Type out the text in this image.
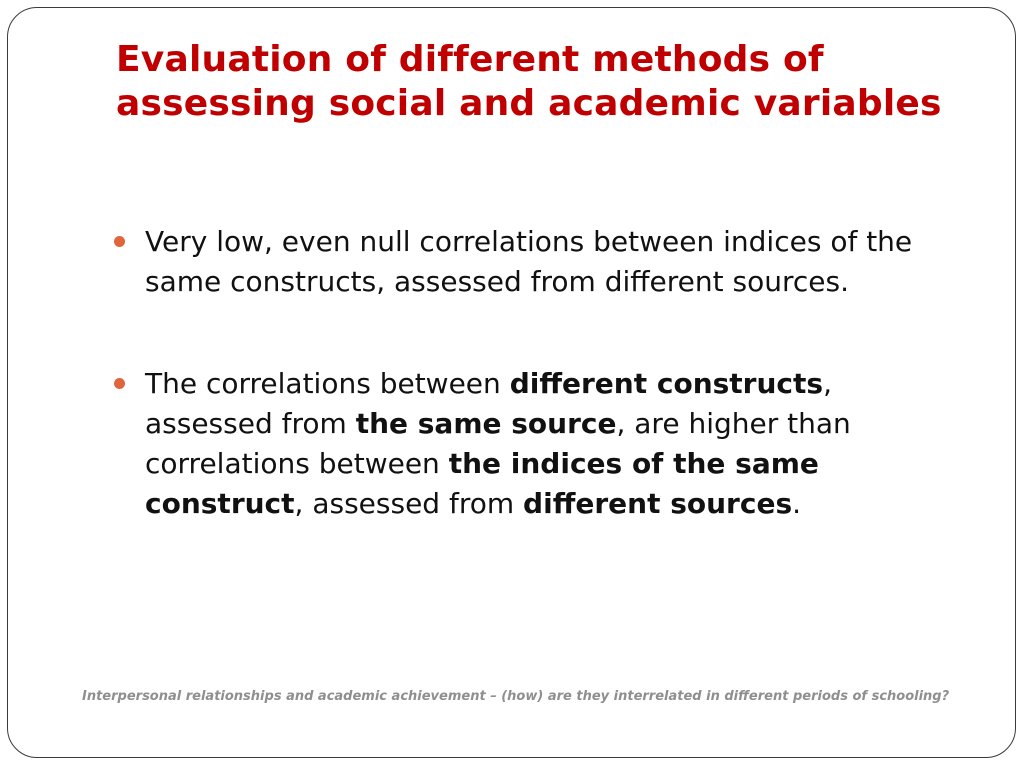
Evaluation of different methods of assessing social and academic variables
Very low, even null correlations between indices of the same constructs, assessed from different sources.
The correlations between different constructs, assessed from the same source, are higher than correlations between the indices of the same construct, assessed from different sources.

Interpersonal relationships and academic achievement – (how) are they interrelated in different periods of schooling?
